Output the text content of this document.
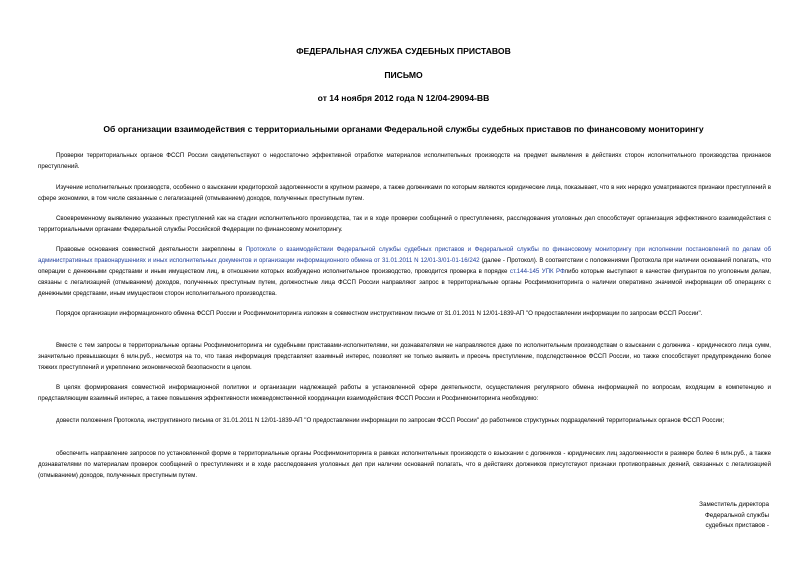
ФЕДЕРАЛЬНАЯ СЛУЖБА СУДЕБНЫХ ПРИСТАВОВ
ПИСЬМО
от 14 ноября 2012 года N 12/04-29094-ВВ
Об организации взаимодействия с территориальными органами Федеральной службы судебных приставов по финансовому мониторингу

Проверки территориальных органов ФССП России свидетельствуют о недостаточно эффективной отработке материалов исполнительных производств на предмет выявления в действиях сторон исполнительного производства признаков преступлений.

Изучение исполнительных производств, особенно о взыскании кредиторской задолженности в крупном размере, а также должниками по которым являются юридические лица, показывает, что в них нередко усматриваются признаки преступлений в сфере экономики, в том числе связанные с легализацией (отмыванием) доходов, полученных преступным путем.

Своевременному выявлению указанных преступлений как на стадии исполнительного производства, так и в ходе проверки сообщений о преступлениях, расследования уголовных дел способствует организация эффективного взаимодействия с территориальными органами Федеральной службы Российской Федерации по финансовому мониторингу.

Правовые основания совместной деятельности закреплены в Протоколе о взаимодействии Федеральной службы судебных приставов и Федеральной службы по финансовому мониторингу при исполнении постановлений по делам об административных правонарушениях и иных исполнительных документов и организации информационного обмена от 31.01.2011 N 12/01-3/01-01-16/242 (далее - Протокол). В соответствии с положениями Протокола при наличии оснований полагать, что операции с денежными средствами и иным имуществом лиц, в отношении которых возбуждено исполнительное производство, проводится проверка в порядке ст.144-145 УПК РФлибо которые выступают в качестве фигурантов по уголовным делам, связаны с легализацией (отмыванием) доходов, полученных преступным путем, должностные лица ФССП России направляют запрос в территориальные органы Росфинмониторинга о наличии оперативно значимой информации об операциях с денежными средствами, иным имуществом сторон исполнительного производства.

Порядок организации информационного обмена ФССП России и Росфинмониторинга изложен в совместном инструктивном письме от 31.01.2011 N 12/01-1839-АП "О предоставлении информации по запросам ФССП России".

Вместе с тем запросы в территориальные органы Росфинмониторинга ни судебными приставами-исполнителями, ни дознавателями не направляются даже по исполнительным производствам о взыскании с должника - юридического лица сумм, значительно превышающих 6 млн.руб., несмотря на то, что такая информация представляет взаимный интерес, позволяет не только выявить и пресечь преступление, подследственное ФССП России, но также способствует предупреждению более тяжких преступлений и укреплению экономической безопасности в целом.

В целях формирования совместной информационной политики и организации надлежащей работы в установленной сфере деятельности, осуществления регулярного обмена информацией по вопросам, входящим в компетенцию и представляющим взаимный интерес, а также повышения эффективности межведомственной координации взаимодействия ФССП России и Росфинмониторинга необходимо:

довести положения Протокола, инструктивного письма от 31.01.2011 N 12/01-1839-АП "О предоставлении информации по запросам ФССП России" до работников структурных подразделений территориальных органов ФССП России;

обеспечить направление запросов по установленной форме в территориальные органы Росфинмониторинга в рамках исполнительных производств о взыскании с должников - юридических лиц задолженности в размере более 6 млн.руб., а также дознавателями по материалам проверок сообщений о преступлениях и в ходе расследования уголовных дел при наличии оснований полагать, что в действиях должников присутствуют признаки противоправных деяний, связанных с легализацией (отмыванием) доходов, полученных преступным путем.

Заместитель директора
Федеральной службы
судебных приставов -
